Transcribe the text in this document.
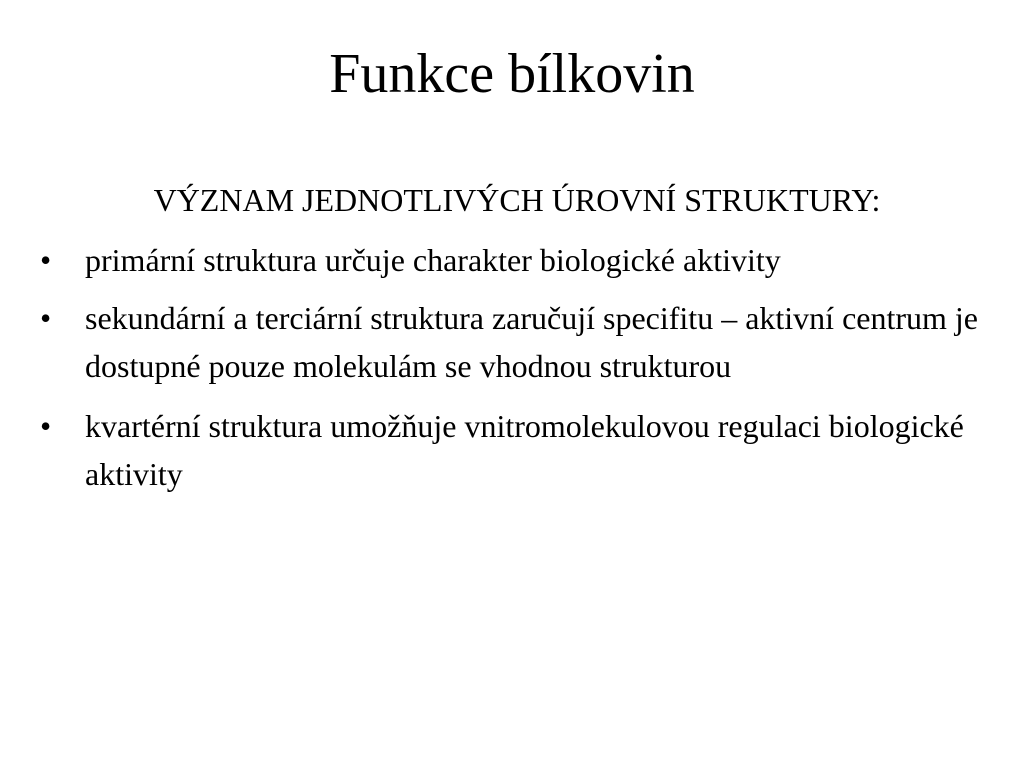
Funkce bílkovin

VÝZNAM JEDNOTLIVÝCH ÚROVNÍ STRUKTURY:

•	primární struktura určuje charakter biologické aktivity
•	sekundární a terciární struktura zaručují specifitu – aktivní centrum je dostupné pouze molekulám se vhodnou strukturou
•	kvartérní struktura umožňuje vnitromolekulovou regulaci biologické aktivity
